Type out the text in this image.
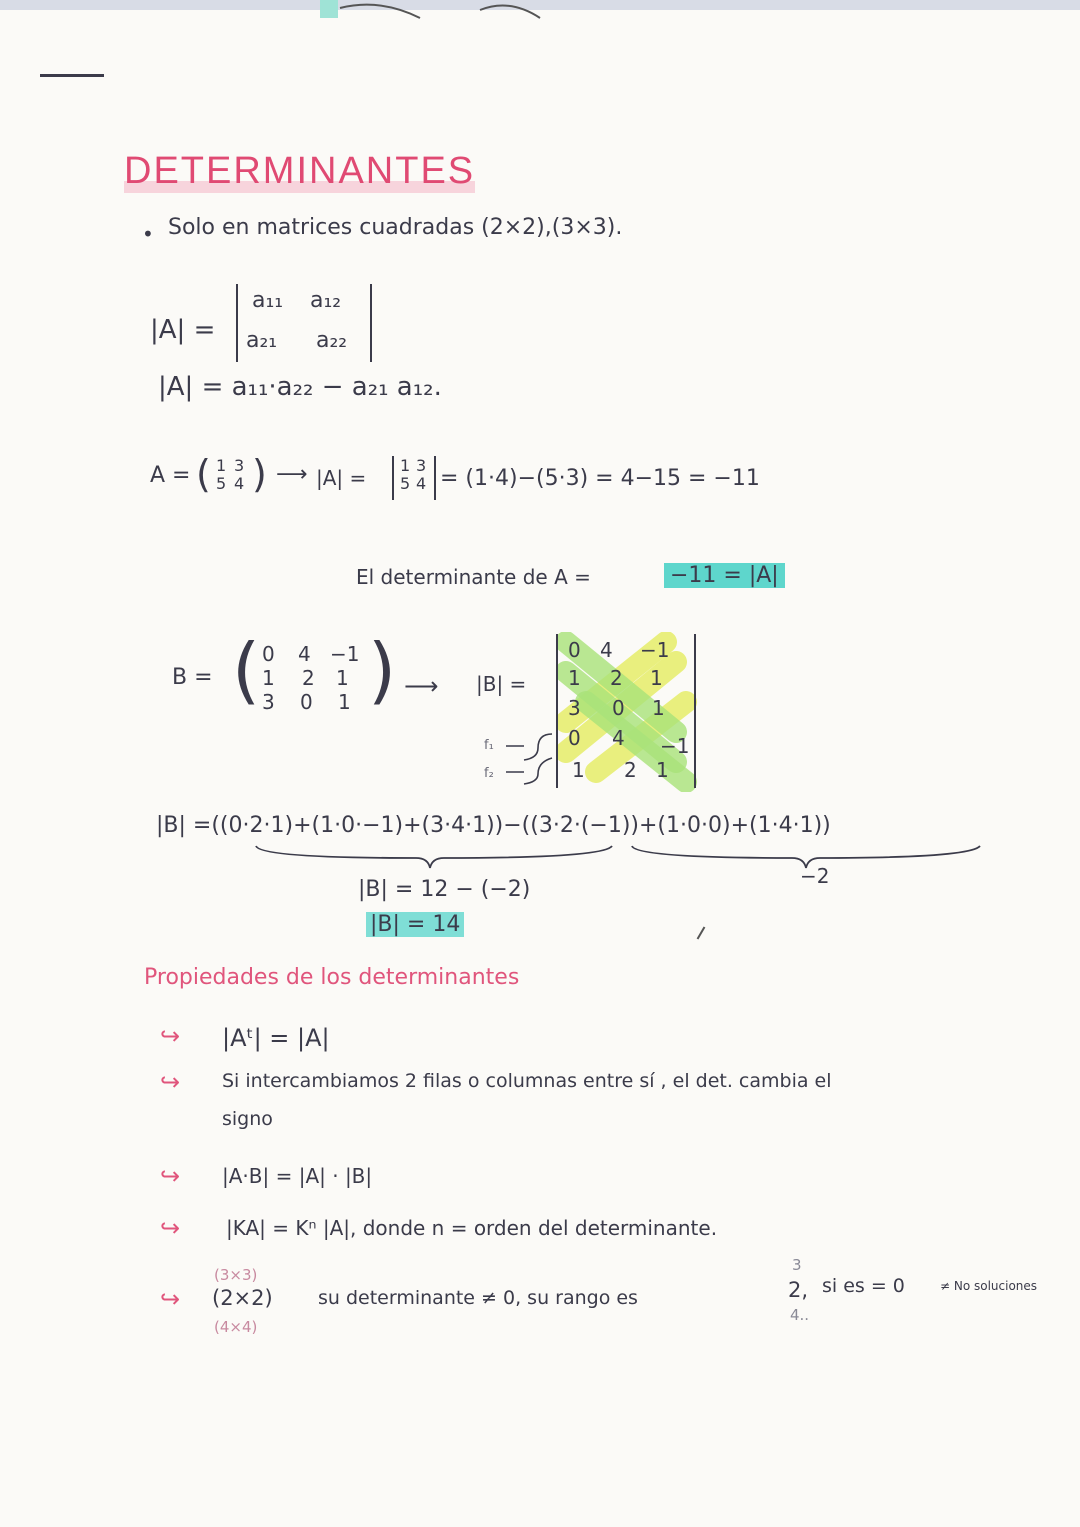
DETERMINANTES
• Solo en matrices cuadradas (2×2),(3×3).
|A| =
a₁₁ a₁₂
a₂₁ a₂₂
|A| = a₁₁·a₂₂ − a₂₁ a₁₂.
A = ( 1 3
5 4 ) ⟶ |A| =
1 3
5 4 = (1·4)−(5·3) = 4−15 = −11
El determinante de A =	−11 = |A|
B = ( )
0 4 −1
1 2 1
3 0 1
⟶ |B| =
0 4 −1
1 2 1
3 0 1
0 4 −1
1 2 1
f₁
f₂
|B| =((0·2·1)+(1·0·−1)+(3·4·1))−((3·2·(−1))+(1·0·0)+(1·4·1))
−2
|B| = 12 − (−2)
|B| = 14
Propiedades de los determinantes
↪ |Aᵗ| = |A|
↪ Si intercambiamos 2 filas o columnas entre sí , el det. cambia el
signo
↪ |A·B| = |A| · |B|
↪ |KA| = Kⁿ |A|, donde n = orden del determinante.
(3×3)
↪ (2×2)
(4×4)
su determinante ≠ 0, su rango es
3
2,
4..
si es = 0	≠ No soluciones
